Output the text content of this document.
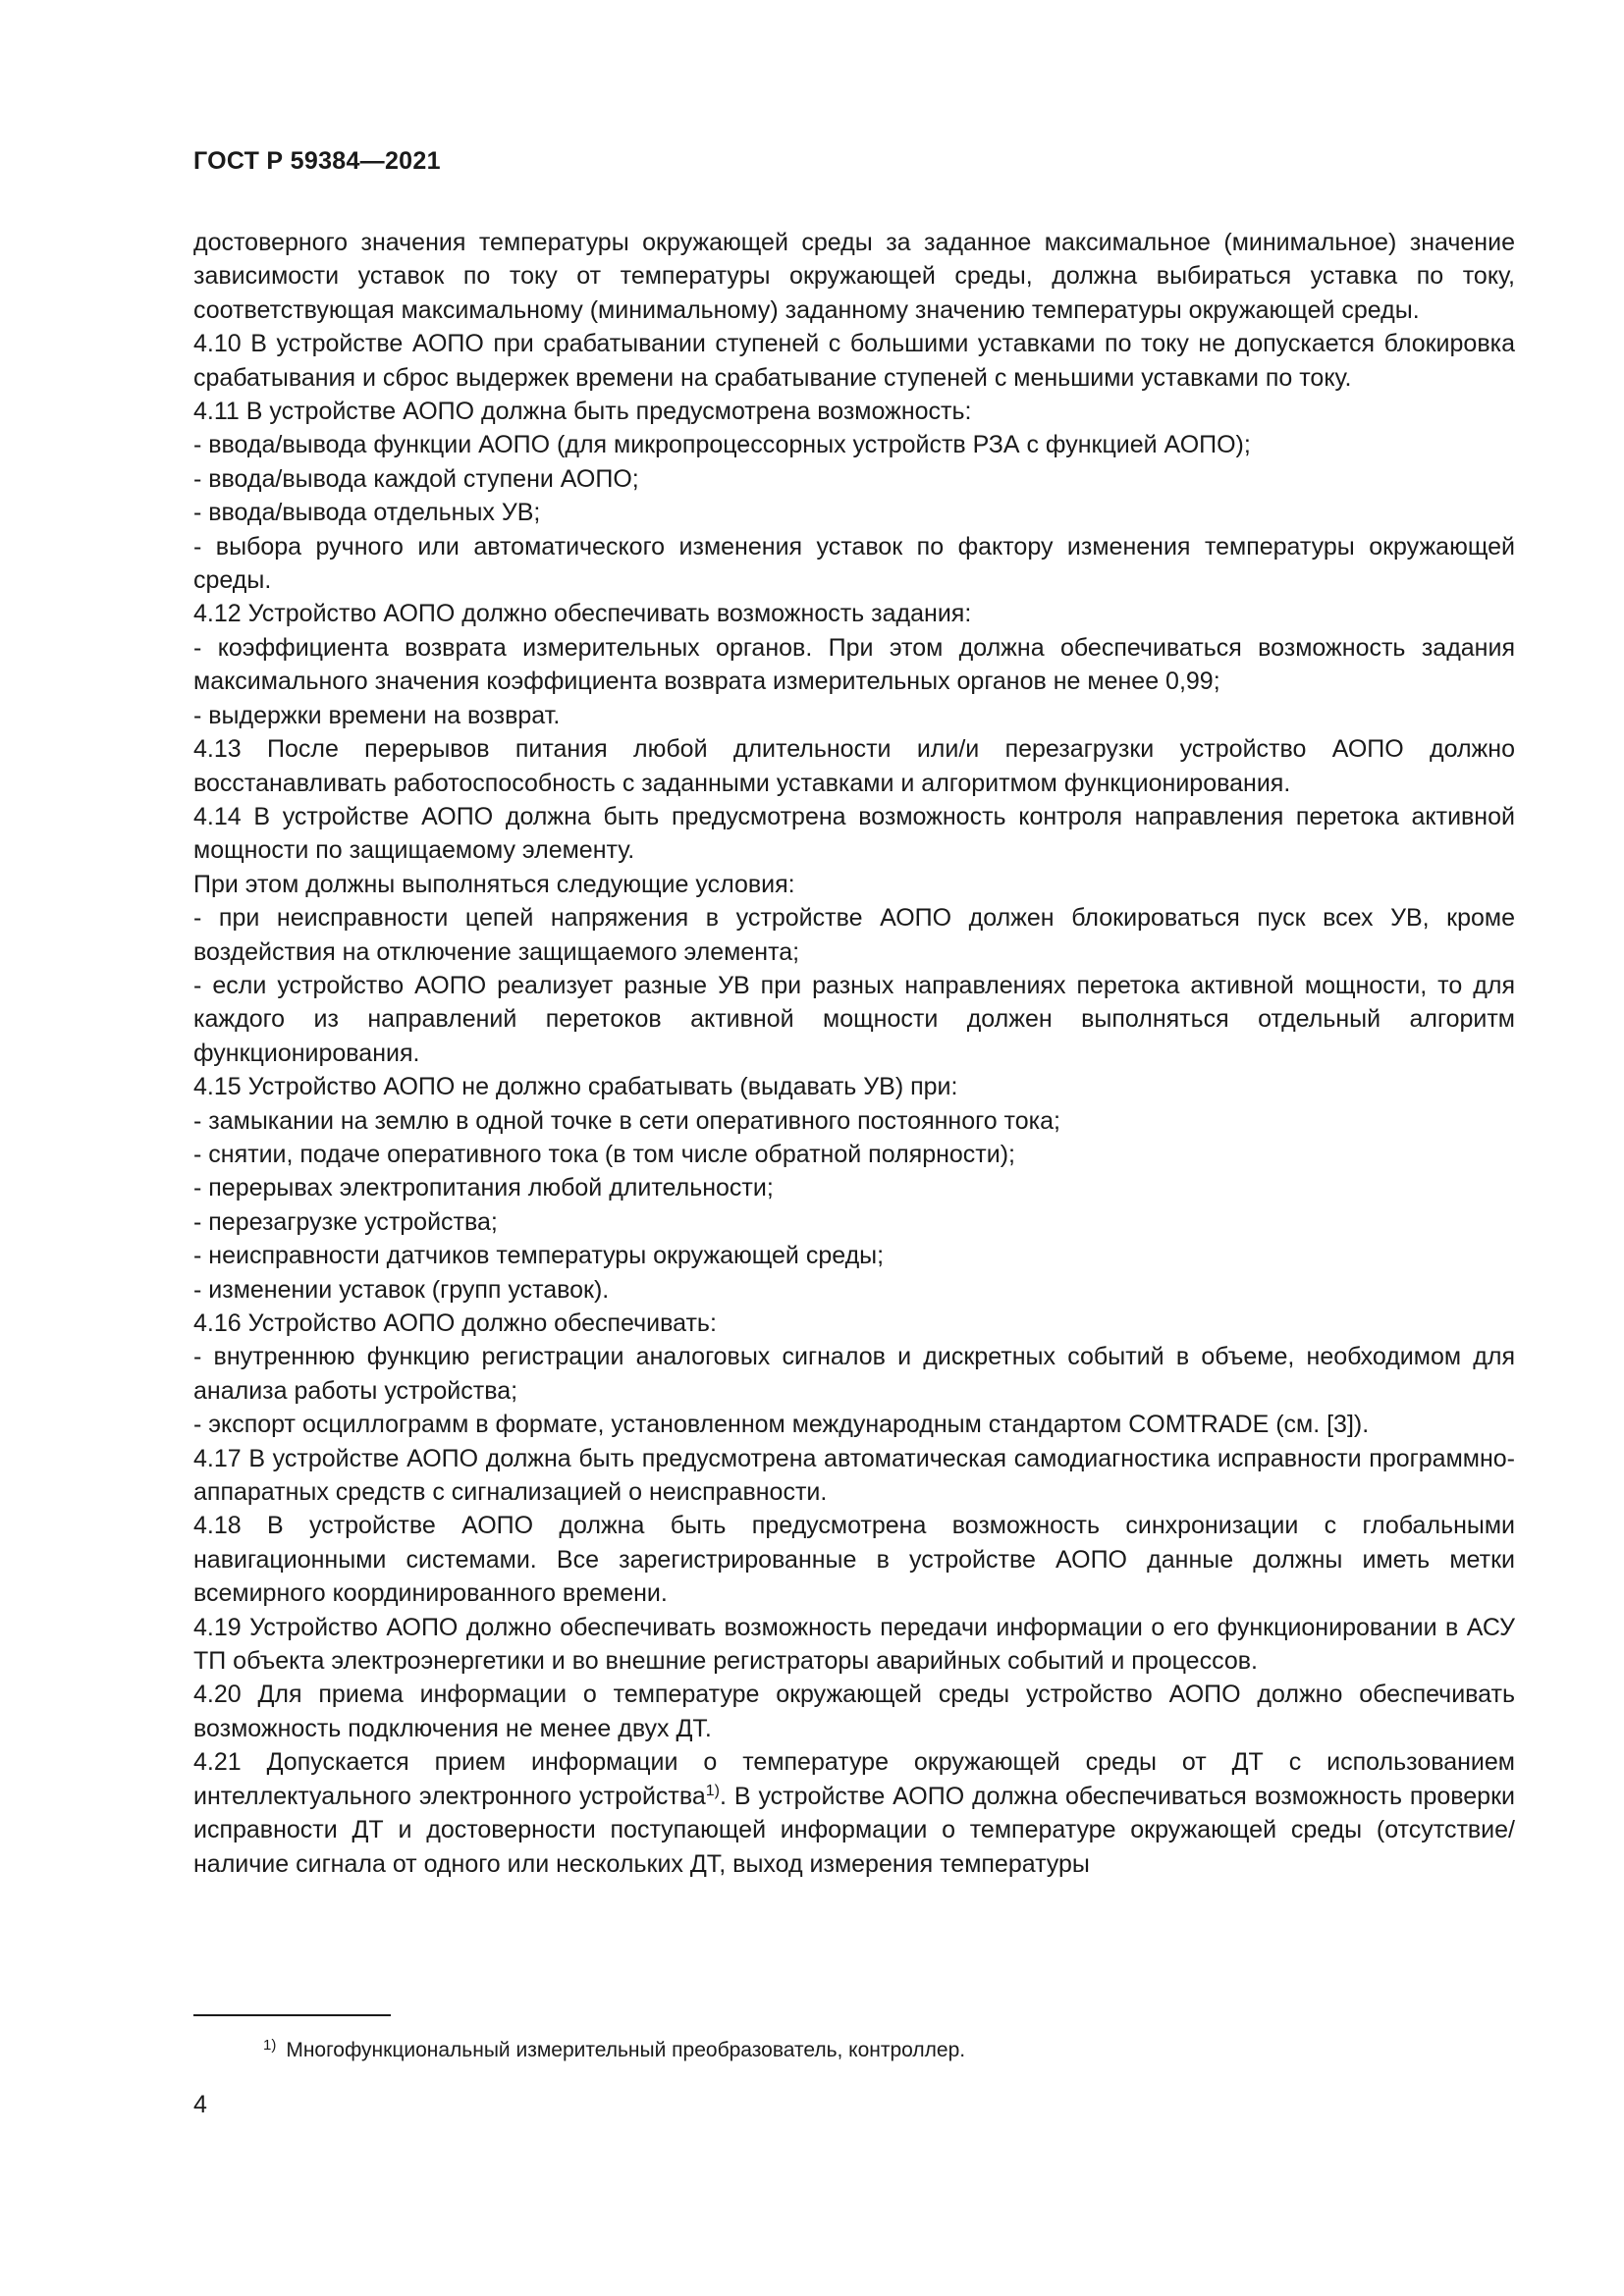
ГОСТ Р 59384—2021

достоверного значения температуры окружающей среды за заданное максимальное (минимальное) значение зависимости уставок по току от температуры окружающей среды, должна выбираться уставка по току, соответствующая максимальному (минимальному) заданному значению температуры окружающей среды.

4.10 В устройстве АОПО при срабатывании ступеней с большими уставками по току не допускается блокировка срабатывания и сброс выдержек времени на срабатывание ступеней с меньшими уставками по току.

4.11 В устройстве АОПО должна быть предусмотрена возможность:

- ввода/вывода функции АОПО (для микропроцессорных устройств РЗА с функцией АОПО);

- ввода/вывода каждой ступени АОПО;

- ввода/вывода отдельных УВ;

- выбора ручного или автоматического изменения уставок по фактору изменения температуры окружающей среды.

4.12 Устройство АОПО должно обеспечивать возможность задания:

- коэффициента возврата измерительных органов. При этом должна обеспечиваться возможность задания максимального значения коэффициента возврата измерительных органов не менее 0,99;

- выдержки времени на возврат.

4.13 После перерывов питания любой длительности или/и перезагрузки устройство АОПО должно восстанавливать работоспособность с заданными уставками и алгоритмом функционирования.

4.14 В устройстве АОПО должна быть предусмотрена возможность контроля направления перетока активной мощности по защищаемому элементу.

При этом должны выполняться следующие условия:

- при неисправности цепей напряжения в устройстве АОПО должен блокироваться пуск всех УВ, кроме воздействия на отключение защищаемого элемента;

- если устройство АОПО реализует разные УВ при разных направлениях перетока активной мощности, то для каждого из направлений перетоков активной мощности должен выполняться отдельный алгоритм функционирования.

4.15 Устройство АОПО не должно срабатывать (выдавать УВ) при:

- замыкании на землю в одной точке в сети оперативного постоянного тока;

- снятии, подаче оперативного тока (в том числе обратной полярности);

- перерывах электропитания любой длительности;

- перезагрузке устройства;

- неисправности датчиков температуры окружающей среды;

- изменении уставок (групп уставок).

4.16 Устройство АОПО должно обеспечивать:

- внутреннюю функцию регистрации аналоговых сигналов и дискретных событий в объеме, необходимом для анализа работы устройства;

- экспорт осциллограмм в формате, установленном международным стандартом COMTRADE (см. [3]).

4.17 В устройстве АОПО должна быть предусмотрена автоматическая самодиагностика исправности программно-аппаратных средств с сигнализацией о неисправности.

4.18 В устройстве АОПО должна быть предусмотрена возможность синхронизации с глобальными навигационными системами. Все зарегистрированные в устройстве АОПО данные должны иметь метки всемирного координированного времени.

4.19 Устройство АОПО должно обеспечивать возможность передачи информации о его функционировании в АСУ ТП объекта электроэнергетики и во внешние регистраторы аварийных событий и процессов.

4.20 Для приема информации о температуре окружающей среды устройство АОПО должно обеспечивать возможность подключения не менее двух ДТ.

4.21 Допускается прием информации о температуре окружающей среды от ДТ с использованием интеллектуального электронного устройства$^{1)}$. В устройстве АОПО должна обеспечиваться возможность проверки исправности ДТ и достоверности поступающей информации о температуре окружающей среды (отсутствие/наличие сигнала от одного или нескольких ДТ, выход измерения температуры

$^{1)}$ Многофункциональный измерительный преобразователь, контроллер.
4
